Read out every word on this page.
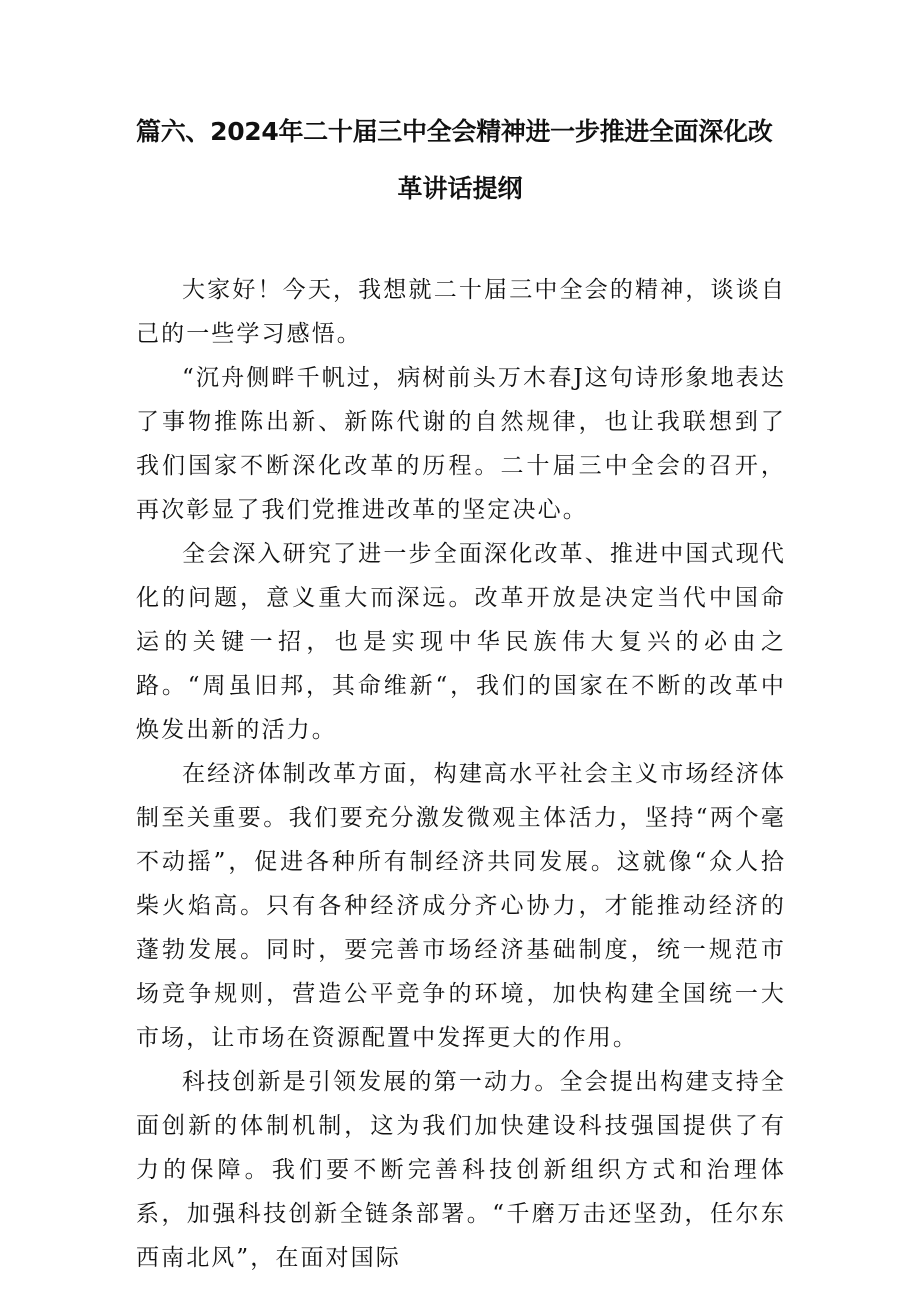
篇六、2024年二十届三中全会精神进一步推进全面深化改
革讲话提纲

大家好！今天，我想就二十届三中全会的精神，谈谈自己的一些学习感悟。

“沉舟侧畔千帆过，病树前头万木春J这句诗形象地表达了事物推陈出新、新陈代谢的自然规律，也让我联想到了我们国家不断深化改革的历程。二十届三中全会的召开，再次彰显了我们党推进改革的坚定决心。

全会深入研究了进一步全面深化改革、推进中国式现代化的问题，意义重大而深远。改革开放是决定当代中国命运的关键一招，也是实现中华民族伟大复兴的必由之路。“周虽旧邦，其命维新“，我们的国家在不断的改革中焕发出新的活力。

在经济体制改革方面，构建高水平社会主义市场经济体制至关重要。我们要充分激发微观主体活力，坚持“两个毫不动摇”，促进各种所有制经济共同发展。这就像“众人拾柴火焰高。只有各种经济成分齐心协力，才能推动经济的蓬勃发展。同时，要完善市场经济基础制度，统一规范市场竞争规则，营造公平竞争的环境，加快构建全国统一大市场，让市场在资源配置中发挥更大的作用。

科技创新是引领发展的第一动力。全会提出构建支持全面创新的体制机制，这为我们加快建设科技强国提供了有力的保障。我们要不断完善科技创新组织方式和治理体系，加强科技创新全链条部署。“千磨万击还坚劲，任尔东西南北风”，在面对国际
